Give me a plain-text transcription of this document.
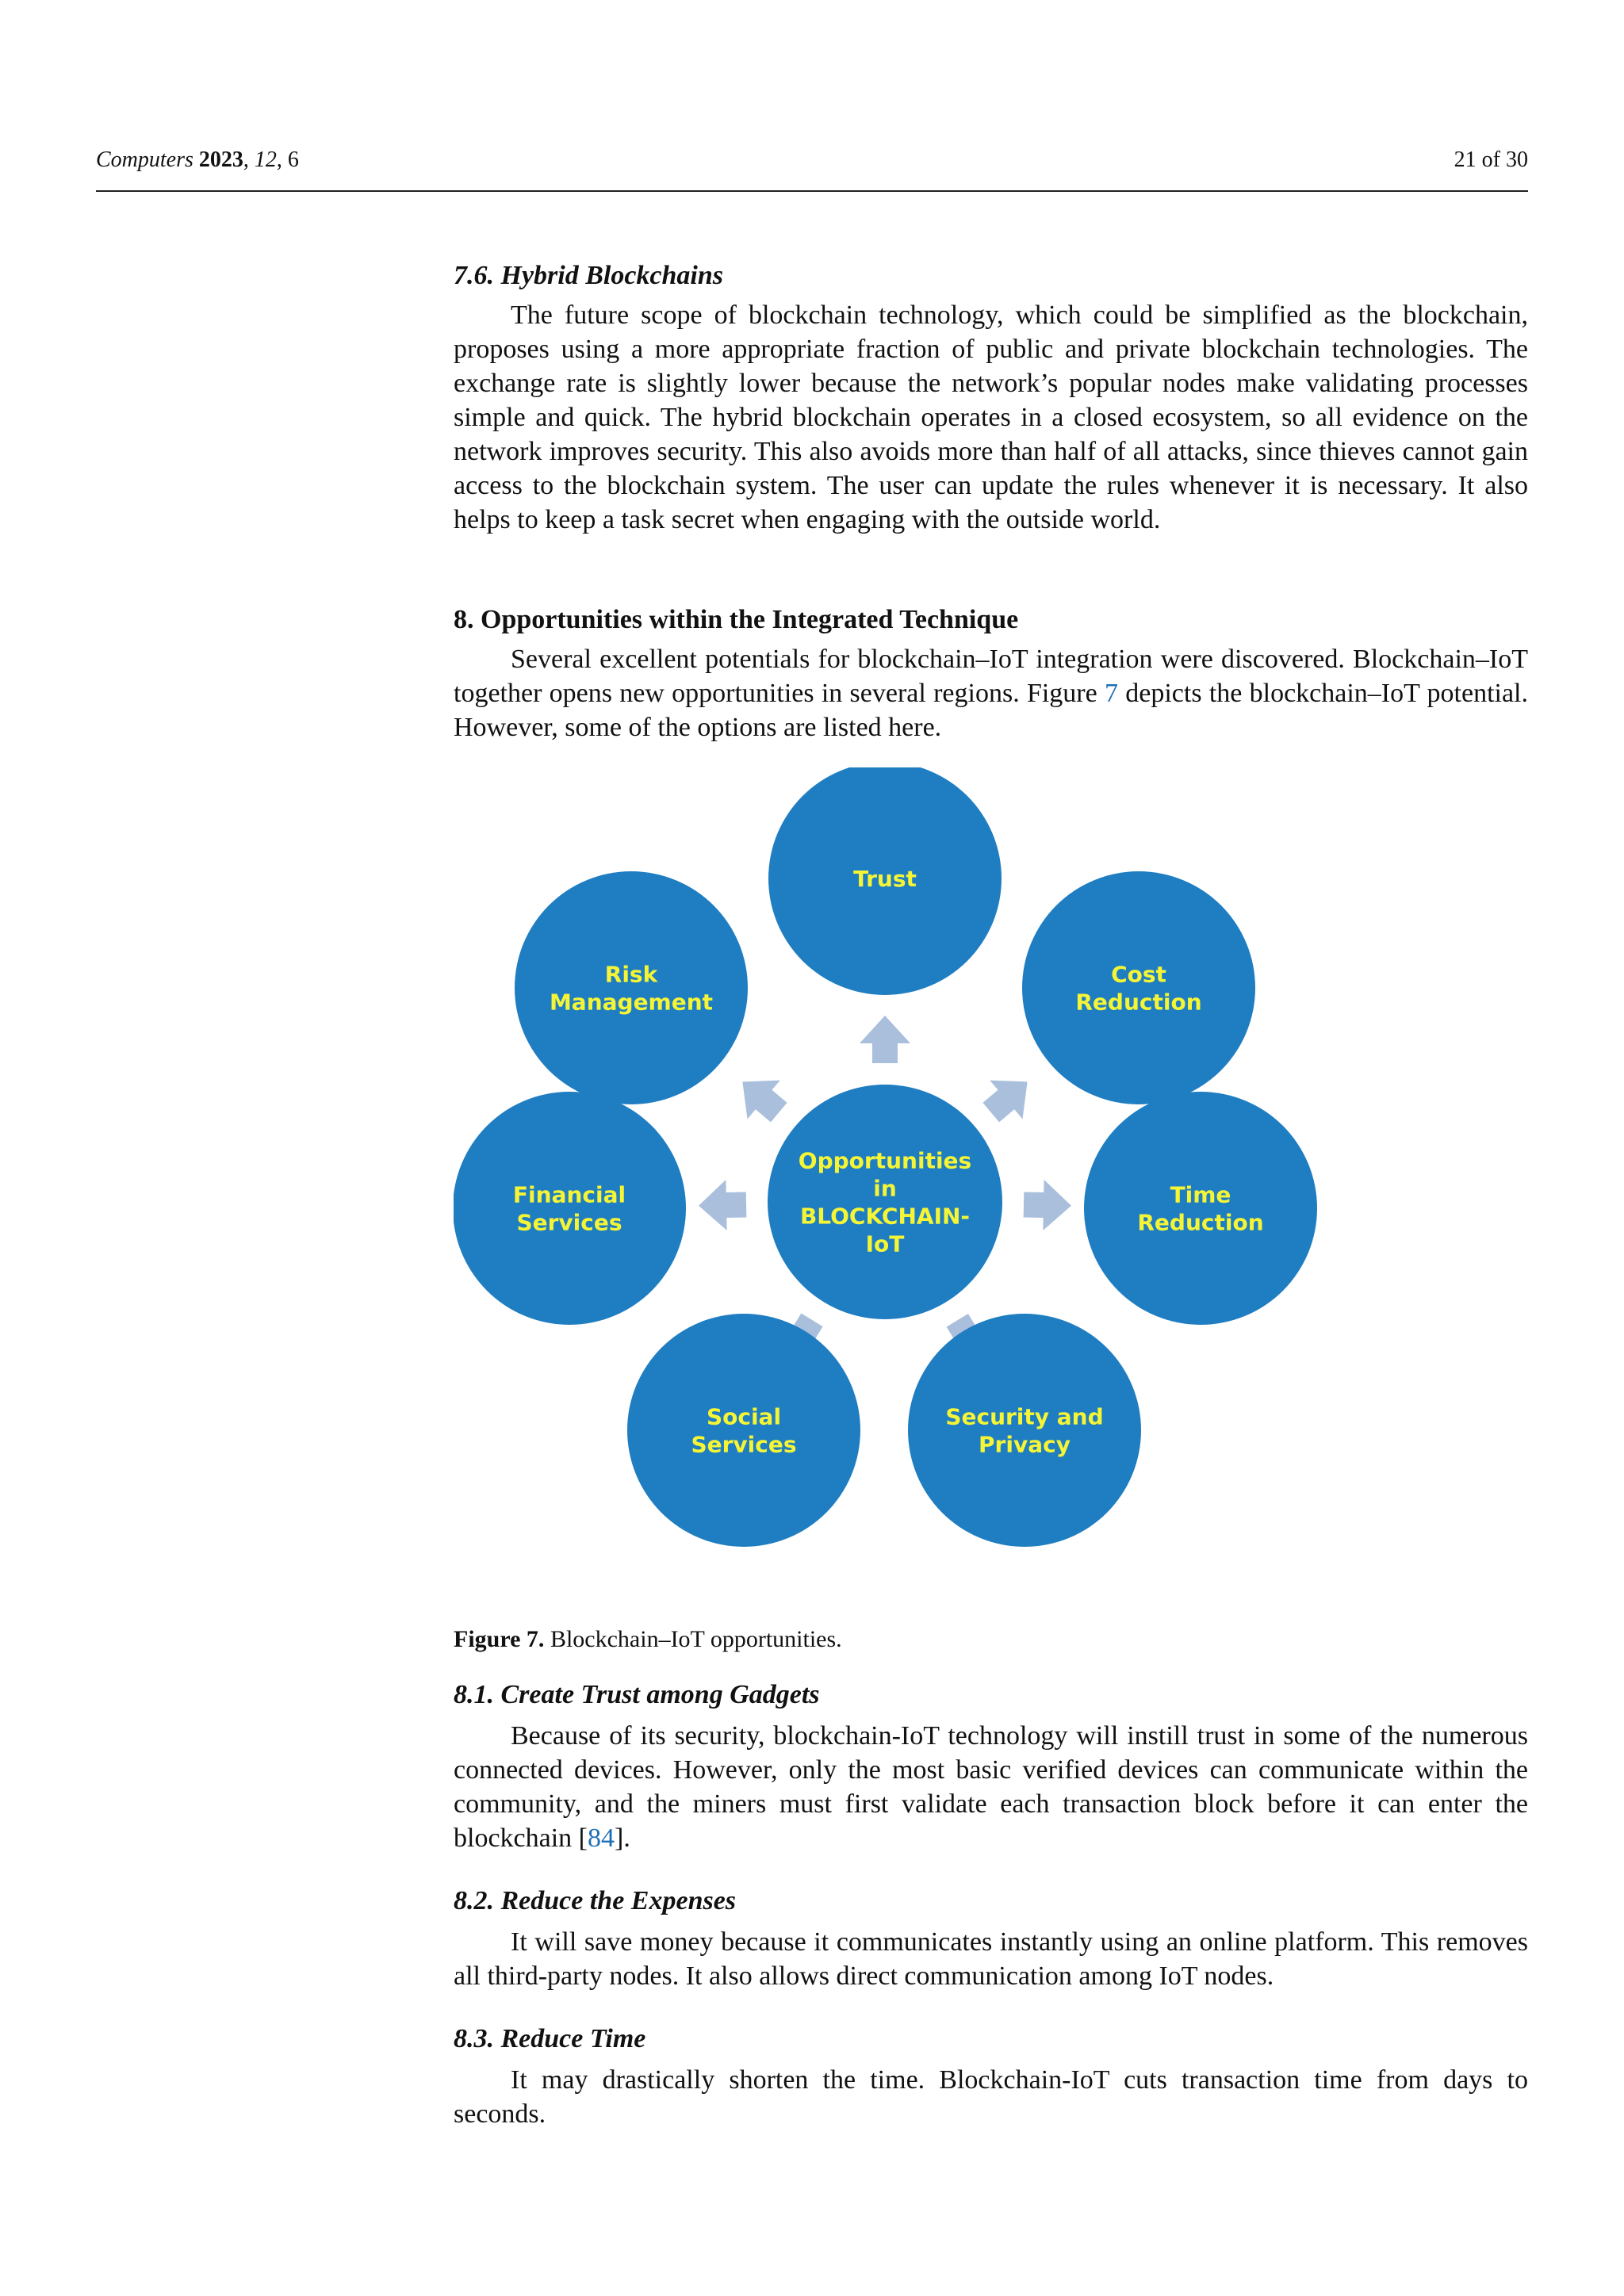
Computers 2023, 12, 6	21 of 30
7.6. Hybrid Blockchains

The future scope of blockchain technology, which could be simplified as the blockchain, proposes using a more appropriate fraction of public and private blockchain technologies. The exchange rate is slightly lower because the network’s popular nodes make validating processes simple and quick. The hybrid blockchain operates in a closed ecosystem, so all evidence on the network improves security. This also avoids more than half of all attacks, since thieves cannot gain access to the blockchain system. The user can update the rules whenever it is necessary. It also helps to keep a task secret when engaging with the outside world.

8. Opportunities within the Integrated Technique

Several excellent potentials for blockchain–IoT integration were discovered. Blockchain–IoT together opens new opportunities in several regions. Figure 7 depicts the blockchain–IoT potential. However, some of the options are listed here.

Trust
Cost Reduction
Time Reduction
Security and Privacy
Social Services
Financial Services
Risk Management
Opportunities in BLOCKCHAIN-IoT
Figure 7. Blockchain–IoT opportunities.
8.1. Create Trust among Gadgets

Because of its security, blockchain-IoT technology will instill trust in some of the numerous connected devices. However, only the most basic verified devices can communicate within the community, and the miners must first validate each transaction block before it can enter the blockchain [84].

8.2. Reduce the Expenses

It will save money because it communicates instantly using an online platform. This removes all third-party nodes. It also allows direct communication among IoT nodes.

8.3. Reduce Time

It may drastically shorten the time. Blockchain-IoT cuts transaction time from days to seconds.
